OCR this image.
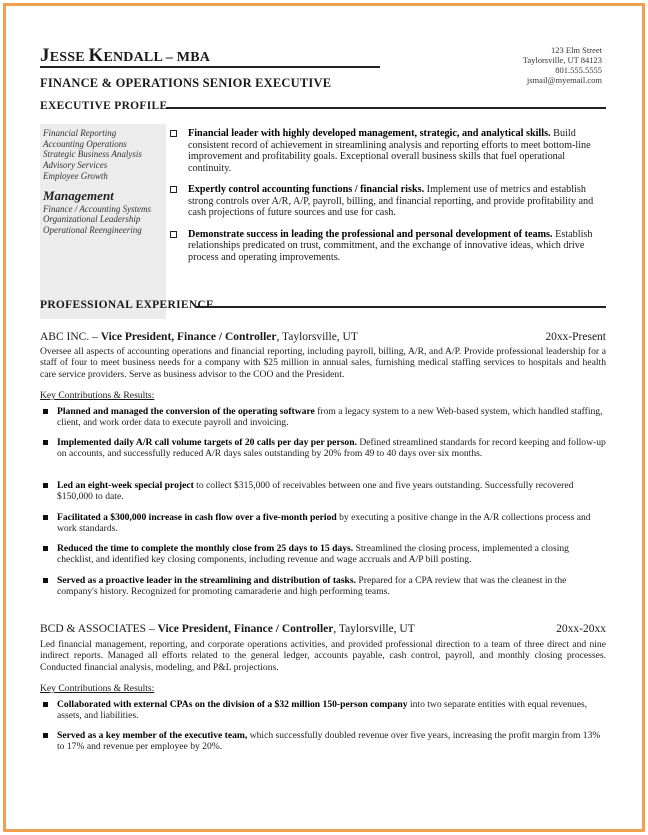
JESSE KENDALL – MBA	123 Elm Street
Taylorsville, UT 84123
801.555.5555
jsmail@myemail.com
FINANCE & OPERATIONS SENIOR EXECUTIVE
EXECUTIVE PROFILE
Financial Reporting
Accounting Operations
Strategic Business Analysis
Advisory Services
Employee Growth
Management
Finance / Accounting Systems
Organizational Leadership
Operational Reengineering
Financial leader with highly developed management, strategic, and analytical skills. Build consistent record of achievement in streamlining analysis and reporting efforts to meet bottom-line improvement and profitability goals. Exceptional overall business skills that fuel operational continuity.
Expertly control accounting functions / financial risks. Implement use of metrics and establish strong controls over A/R, A/P, payroll, billing, and financial reporting, and provide profitability and cash projections of future sources and use for cash.
Demonstrate success in leading the professional and personal development of teams. Establish relationships predicated on trust, commitment, and the exchange of innovative ideas, which drive process and operating improvements.
PROFESSIONAL EXPERIENCE
ABC INC. – Vice President, Finance / Controller, Taylorsville, UT	20xx-Present
Oversee all aspects of accounting operations and financial reporting, including payroll, billing, A/R, and A/P. Provide professional leadership for a staff of four to meet business needs for a company with $25 million in annual sales, furnishing medical staffing services to hospitals and health care service providers. Serve as business advisor to the COO and the President.
Key Contributions & Results:
Planned and managed the conversion of the operating software from a legacy system to a new Web-based system, which handled staffing, client, and work order data to execute payroll and invoicing.
Implemented daily A/R call volume targets of 20 calls per day per person. Defined streamlined standards for record keeping and follow-up on accounts, and successfully reduced A/R days sales outstanding by 20% from 49 to 40 days over six months.
Led an eight-week special project to collect $315,000 of receivables between one and five years outstanding. Successfully recovered $150,000 to date.
Facilitated a $300,000 increase in cash flow over a five-month period by executing a positive change in the A/R collections process and work standards.
Reduced the time to complete the monthly close from 25 days to 15 days. Streamlined the closing process, implemented a closing checklist, and identified key closing components, including revenue and wage accruals and A/P bill posting.
Served as a proactive leader in the streamlining and distribution of tasks. Prepared for a CPA review that was the cleanest in the company's history. Recognized for promoting camaraderie and high performing teams.
BCD & ASSOCIATES – Vice President, Finance / Controller, Taylorsville, UT	20xx-20xx
Led financial management, reporting, and corporate operations activities, and provided professional direction to a team of three direct and nine indirect reports. Managed all efforts related to the general ledger, accounts payable, cash control, payroll, and monthly closing processes. Conducted financial analysis, modeling, and P&L projections.
Key Contributions & Results:
Collaborated with external CPAs on the division of a $32 million 150-person company into two separate entities with equal revenues, assets, and liabilities.
Served as a key member of the executive team, which successfully doubled revenue over five years, increasing the profit margin from 13% to 17% and revenue per employee by 20%.
